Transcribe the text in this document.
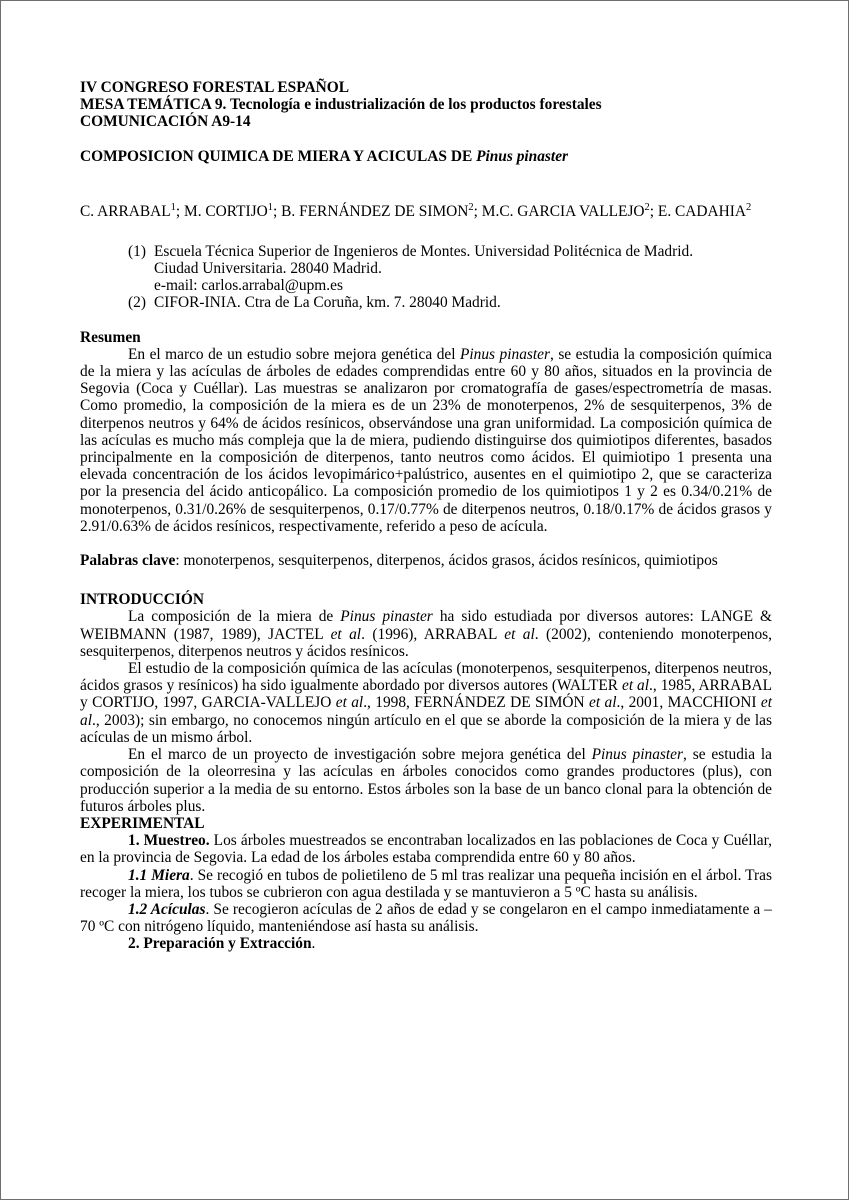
IV CONGRESO FORESTAL ESPAÑOL
MESA TEMÁTICA 9. Tecnología e industrialización de los productos forestales
COMUNICACIÓN A9-14
COMPOSICION QUIMICA DE MIERA Y ACICULAS DE Pinus pinaster
C. ARRABAL$^1$; M. CORTIJO$^1$; B. FERNÁNDEZ DE SIMON$^2$; M.C. GARCIA VALLEJO$^2$; E. CADAHIA$^2$
(1) Escuela Técnica Superior de Ingenieros de Montes. Universidad Politécnica de Madrid.
Ciudad Universitaria. 28040 Madrid.
e-mail: carlos.arrabal@upm.es
(2) CIFOR-INIA. Ctra de La Coruña, km. 7. 28040 Madrid.
Resumen

En el marco de un estudio sobre mejora genética del Pinus pinaster, se estudia la composición química de la miera y las acículas de árboles de edades comprendidas entre 60 y 80 años, situados en la provincia de Segovia (Coca y Cuéllar). Las muestras se analizaron por cromatografía de gases/espectrometría de masas. Como promedio, la composición de la miera es de un 23% de monoterpenos, 2% de sesquiterpenos, 3% de diterpenos neutros y 64% de ácidos resínicos, observándose una gran uniformidad. La composición química de las acículas es mucho más compleja que la de miera, pudiendo distinguirse dos quimiotipos diferentes, basados principalmente en la composición de diterpenos, tanto neutros como ácidos. El quimiotipo 1 presenta una elevada concentración de los ácidos levopimárico+palústrico, ausentes en el quimiotipo 2, que se caracteriza por la presencia del ácido anticopálico. La composición promedio de los quimiotipos 1 y 2 es 0.34/0.21% de monoterpenos, 0.31/0.26% de sesquiterpenos, 0.17/0.77% de diterpenos neutros, 0.18/0.17% de ácidos grasos y 2.91/0.63% de ácidos resínicos, respectivamente, referido a peso de acícula.

Palabras clave: monoterpenos, sesquiterpenos, diterpenos, ácidos grasos, ácidos resínicos, quimiotipos

INTRODUCCIÓN

La composición de la miera de Pinus pinaster ha sido estudiada por diversos autores: LANGE & WEIBMANN (1987, 1989), JACTEL et al. (1996), ARRABAL et al. (2002), conteniendo monoterpenos, sesquiterpenos, diterpenos neutros y ácidos resínicos.

El estudio de la composición química de las acículas (monoterpenos, sesquiterpenos, diterpenos neutros, ácidos grasos y resínicos) ha sido igualmente abordado por diversos autores (WALTER et al., 1985, ARRABAL y CORTIJO, 1997, GARCIA-VALLEJO et al., 1998, FERNÁNDEZ DE SIMÓN et al., 2001, MACCHIONI et al., 2003); sin embargo, no conocemos ningún artículo en el que se aborde la composición de la miera y de las acículas de un mismo árbol.

En el marco de un proyecto de investigación sobre mejora genética del Pinus pinaster, se estudia la composición de la oleorresina y las acículas en árboles conocidos como grandes productores (plus), con producción superior a la media de su entorno. Estos árboles son la base de un banco clonal para la obtención de futuros árboles plus.

EXPERIMENTAL

1. Muestreo. Los árboles muestreados se encontraban localizados en las poblaciones de Coca y Cuéllar, en la provincia de Segovia. La edad de los árboles estaba comprendida entre 60 y 80 años.

1.1 Miera. Se recogió en tubos de polietileno de 5 ml tras realizar una pequeña incisión en el árbol. Tras recoger la miera, los tubos se cubrieron con agua destilada y se mantuvieron a 5 ºC hasta su análisis.

1.2 Acículas. Se recogieron acículas de 2 años de edad y se congelaron en el campo inmediatamente a –70 ºC con nitrógeno líquido, manteniéndose así hasta su análisis.

2. Preparación y Extracción.
